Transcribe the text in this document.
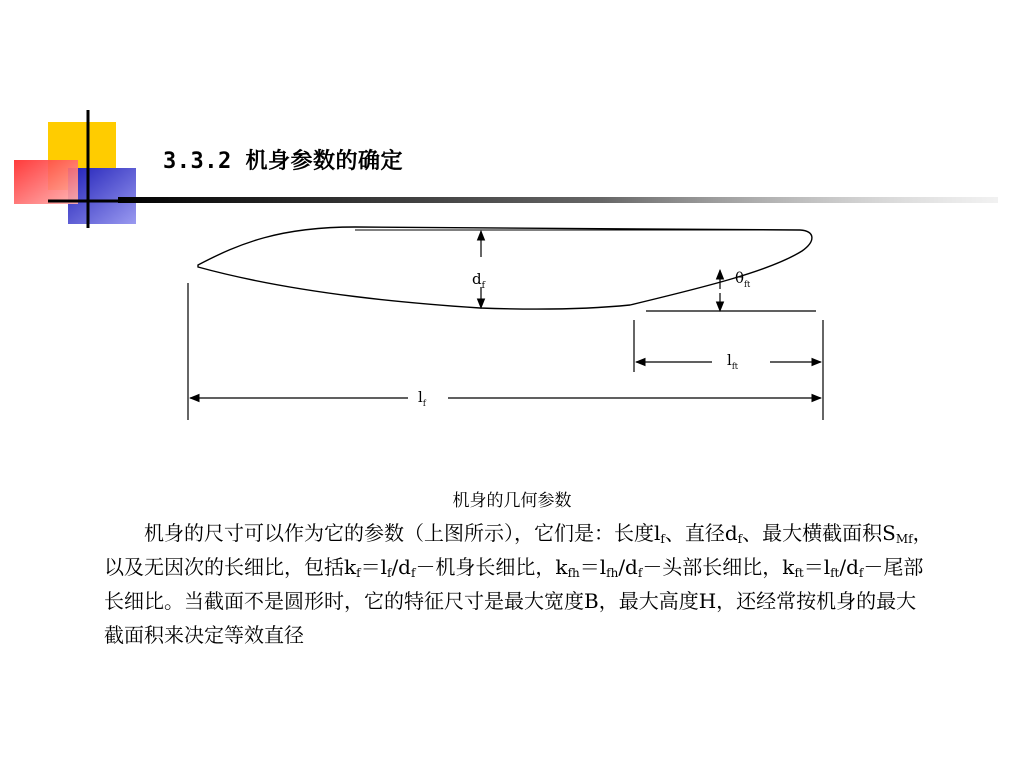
3.3.2 机身参数的确定
$d_f$	$\theta_{ft}$
$l_{ft}$
$l_f$
机身的几何参数

机身的尺寸可以作为它的参数（上图所示），它们是：长度$l_f$、直径$d_f$、最大横截面积$S_{Mf}$，以及无因次的长细比，包括$k_f=l_f/d_f-$机身长细比，$k_{fh}=l_{fh}/d_f-$头部长细比，$k_{ft}=l_{ft}/d_f-$尾部长细比。当截面不是圆形时，它的特征尺寸是最大宽度B，最大高度H，还经常按机身的最大截面积来决定等效直径
